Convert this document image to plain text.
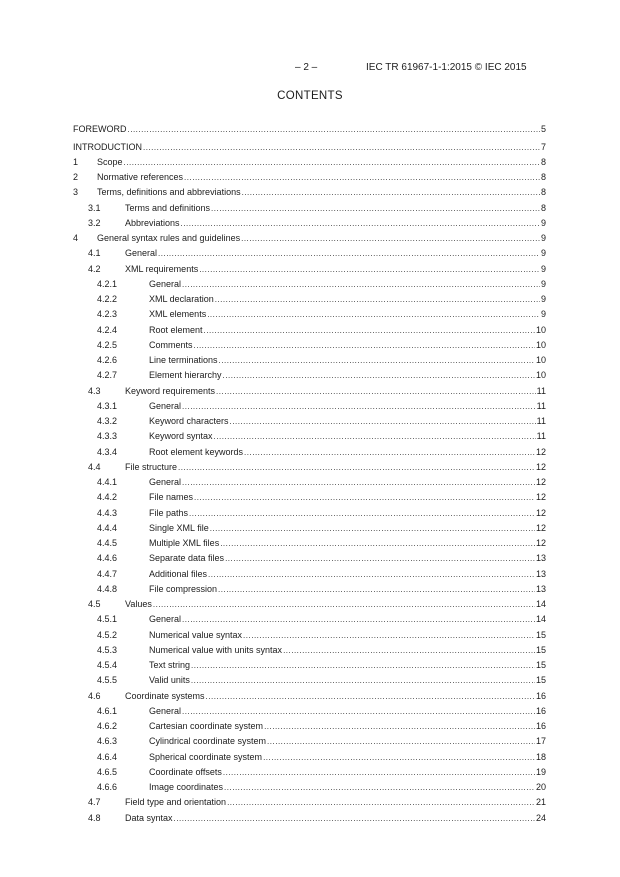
– 2 –	IEC TR 61967-1-1:2015 © IEC 2015
CONTENTS
FOREWORD .....	5
INTRODUCTION .....	7
1 Scope .....	8
2 Normative references .....	8
3 Terms, definitions and abbreviations .....	8
3.1	Terms and definitions .....	8
3.2	Abbreviations .....	9
4 General syntax rules and guidelines .....	9
4.1	General .....	9
4.2	XML requirements .....	9
4.2.1	General .....	9
4.2.2	XML declaration .....	9
4.2.3	XML elements .....	9
4.2.4	Root element .....	10
4.2.5	Comments .....	10
4.2.6	Line terminations .....	10
4.2.7	Element hierarchy .....	10
4.3	Keyword requirements .....	11
4.3.1	General .....	11
4.3.2	Keyword characters .....	11
4.3.3	Keyword syntax .....	11
4.3.4	Root element keywords .....	12
4.4	File structure .....	12
4.4.1	General .....	12
4.4.2	File names .....	12
4.4.3	File paths .....	12
4.4.4	Single XML file .....	12
4.4.5	Multiple XML files .....	12
4.4.6	Separate data files .....	13
4.4.7	Additional files .....	13
4.4.8	File compression .....	13
4.5	Values .....	14
4.5.1	General .....	14
4.5.2	Numerical value syntax .....	15
4.5.3	Numerical value with units syntax .....	15
4.5.4	Text string .....	15
4.5.5	Valid units .....	15
4.6	Coordinate systems .....	16
4.6.1	General .....	16
4.6.2	Cartesian coordinate system .....	16
4.6.3	Cylindrical coordinate system .....	17
4.6.4	Spherical coordinate system .....	18
4.6.5	Coordinate offsets .....	19
4.6.6	Image coordinates .....	20
4.7	Field type and orientation .....	21
4.8	Data syntax .....	24
